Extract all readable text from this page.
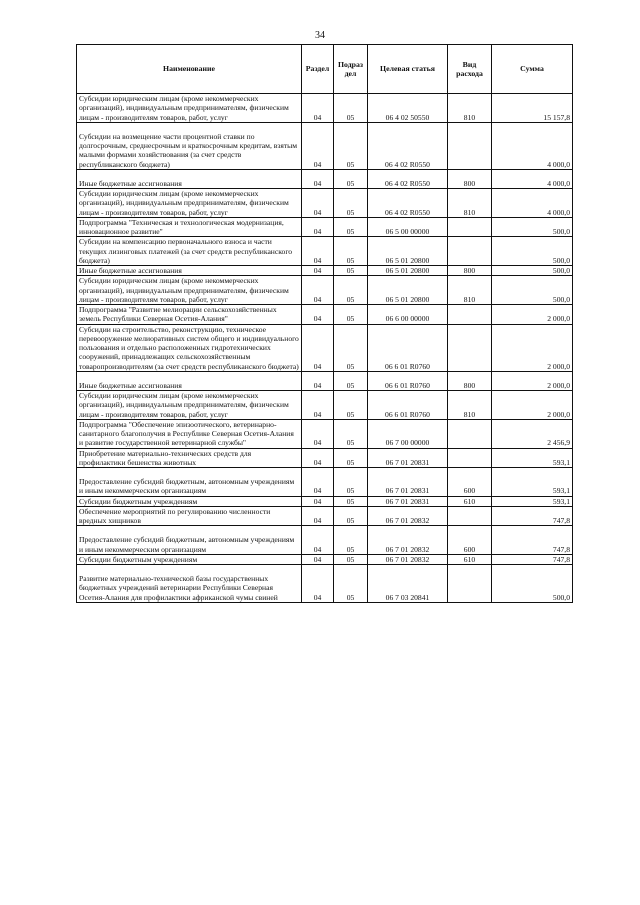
34
Наименование	Раздел	Подраз дел	Целевая статья	Вид расхода	Сумма
Субсидии юридическим лицам (кроме некоммерческих организаций), индивидуальным предпринимателям, физическим лицам - производителям товаров, работ, услуг	04	05	06 4 02 50550	810	15 157,8

Субсидии на возмещение части процентной ставки по долгосрочным, среднесрочным и краткосрочным кредитам, взятым малыми формами хозяйствования (за счет средств республиканского бюджета)	04	05	06 4 02 R0550		4 000,0

Иные бюджетные ассигнования	04	05	06 4 02 R0550	800	4 000,0
Субсидии юридическим лицам (кроме некоммерческих организаций), индивидуальным предпринимателям, физическим лицам - производителям товаров, работ, услуг	04	05	06 4 02 R0550	810	4 000,0
Подпрограмма "Техническая и технологическая модернизация, инновационное развитие"	04	05	06 5 00 00000		500,0
Субсидии на компенсацию первоначального взноса и части текущих лизинговых платежей (за счет средств республиканского бюджета)	04	05	06 5 01 20800		500,0
Иные бюджетные ассигнования	04	05	06 5 01 20800	800	500,0
Субсидии юридическим лицам (кроме некоммерческих организаций), индивидуальным предпринимателям, физическим лицам - производителям товаров, работ, услуг	04	05	06 5 01 20800	810	500,0
Подпрограмма "Развитие мелиорации сельскохозяйственных земель Республики Северная Осетия-Алания"	04	05	06 6 00 00000		2 000,0
Субсидии на строительство, реконструкцию, техническое перевооружение мелиоративных систем общего и индивидуального пользования и отдельно расположенных гидротехнических сооружений, принадлежащих сельскохозяйственным товаропроизводителям (за счет средств республиканского бюджета)	04	05	06 6 01 R0760		2 000,0

Иные бюджетные ассигнования	04	05	06 6 01 R0760	800	2 000,0
Субсидии юридическим лицам (кроме некоммерческих организаций), индивидуальным предпринимателям, физическим лицам - производителям товаров, работ, услуг	04	05	06 6 01 R0760	810	2 000,0
Подпрограмма "Обеспечение эпизоотического, ветеринарно-санитарного благополучия в Республике Северная Осетия-Алания и развитие государственной ветеринарной службы"	04	05	06 7 00 00000		2 456,9
Приобретение материально-технических средств для профилактики бешенства животных	04	05	06 7 01 20831		593,1

Предоставление субсидий бюджетным, автономным учреждениям и иным некоммерческим организациям	04	05	06 7 01 20831	600	593,1
Субсидии бюджетным учреждениям	04	05	06 7 01 20831	610	593,1
Обеспечение мероприятий по регулированию численности вредных хищников	04	05	06 7 01 20832		747,8

Предоставление субсидий бюджетным, автономным учреждениям и иным некоммерческим организациям	04	05	06 7 01 20832	600	747,8
Субсидии бюджетным учреждениям	04	05	06 7 01 20832	610	747,8

Развитие материально-технической базы государственных бюджетных учреждений ветеринарии Республики Северная Осетия-Алания для профилактики африканской чумы свиней	04	05	06 7 03 20841		500,0
